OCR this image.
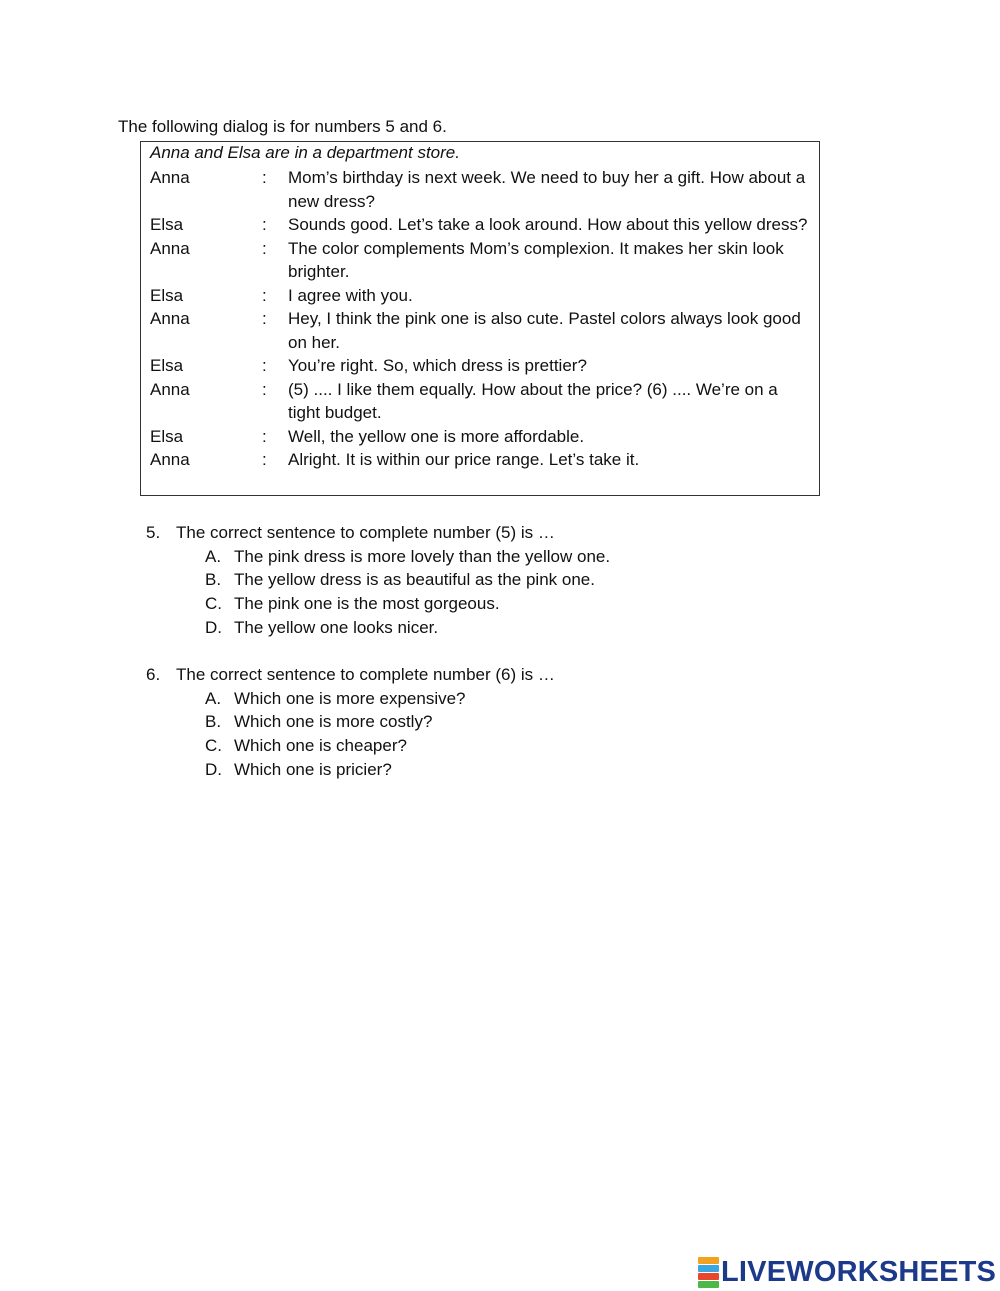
The following dialog is for numbers 5 and 6.
Anna and Elsa are in a department store.
Anna	:	Mom’s birthday is next week. We need to buy her a gift. How about a new dress?
Elsa	:	Sounds good. Let’s take a look around. How about this yellow dress?
Anna	:	The color complements Mom’s complexion. It makes her skin look brighter.
Elsa	:	I agree with you.
Anna	:	Hey, I think the pink one is also cute. Pastel colors always look good on her.
Elsa	:	You’re right. So, which dress is prettier?
Anna	:	(5) .... I like them equally. How about the price? (6) .... We’re on a tight budget.
Elsa	:	Well, the yellow one is more affordable.
Anna	:	Alright. It is within our price range. Let’s take it.
5. The correct sentence to complete number (5) is …
A. The pink dress is more lovely than the yellow one.
B. The yellow dress is as beautiful as the pink one.
C. The pink one is the most gorgeous.
D. The yellow one looks nicer.
6. The correct sentence to complete number (6) is …
A. Which one is more expensive?
B. Which one is more costly?
C. Which one is cheaper?
D. Which one is pricier?
LIVEWORKSHEETS
